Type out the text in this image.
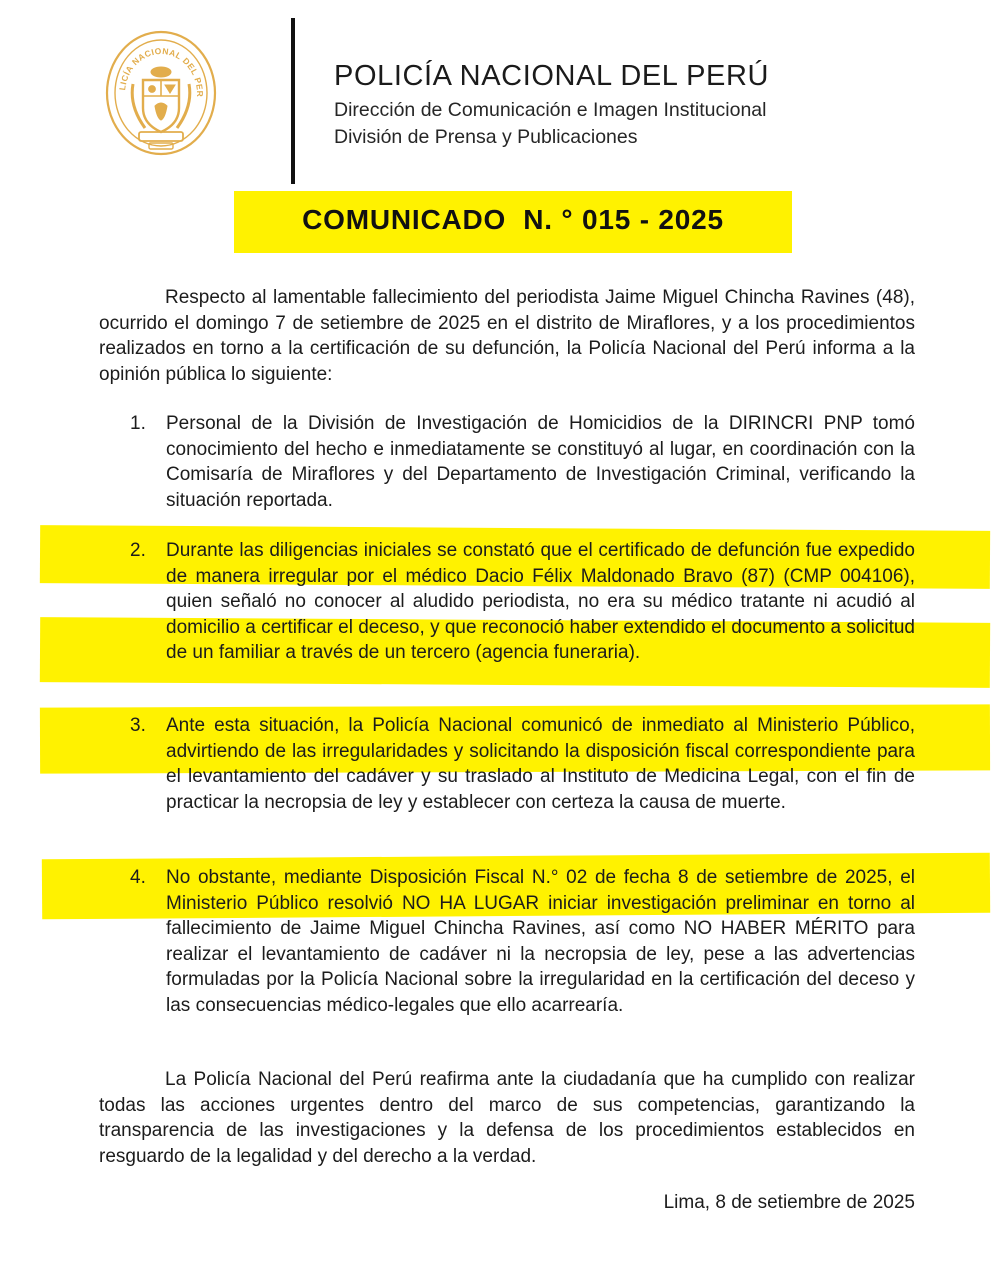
LICÍA NACIONAL DEL PER
POLICÍA NACIONAL DEL PERÚ
Dirección de Comunicación e Imagen Institucional
División de Prensa y Publicaciones
COMUNICADO  N. ° 015 - 2025

Respecto al lamentable fallecimiento del periodista Jaime Miguel Chincha Ravines (48), ocurrido el domingo 7 de setiembre de 2025 en el distrito de Miraflores, y a los procedimientos realizados en torno a la certificación de su defunción, la Policía Nacional del Perú informa a la opinión pública lo siguiente:

1. Personal de la División de Investigación de Homicidios de la DIRINCRI PNP tomó conocimiento del hecho e inmediatamente se constituyó al lugar, en coordinación con la Comisaría de Miraflores y del Departamento de Investigación Criminal, verificando la situación reportada.

2. Durante las diligencias iniciales se constató que el certificado de defunción fue expedido de manera irregular por el médico Dacio Félix Maldonado Bravo (87) (CMP 004106), quien señaló no conocer al aludido periodista, no era su médico tratante ni acudió al domicilio a certificar el deceso, y que reconoció haber extendido el documento a solicitud de un familiar a través de un tercero (agencia funeraria).

3. Ante esta situación, la Policía Nacional comunicó de inmediato al Ministerio Público, advirtiendo de las irregularidades y solicitando la disposición fiscal correspondiente para el levantamiento del cadáver y su traslado al Instituto de Medicina Legal, con el fin de practicar la necropsia de ley y establecer con certeza la causa de muerte.

4. No obstante, mediante Disposición Fiscal N.° 02 de fecha 8 de setiembre de 2025, el Ministerio Público resolvió NO HA LUGAR iniciar investigación preliminar en torno al fallecimiento de Jaime Miguel Chincha Ravines, así como NO HABER MÉRITO para realizar el levantamiento de cadáver ni la necropsia de ley, pese a las advertencias formuladas por la Policía Nacional sobre la irregularidad en la certificación del deceso y las consecuencias médico-legales que ello acarrearía.

La Policía Nacional del Perú reafirma ante la ciudadanía que ha cumplido con realizar todas las acciones urgentes dentro del marco de sus competencias, garantizando la transparencia de las investigaciones y la defensa de los procedimientos establecidos en resguardo de la legalidad y del derecho a la verdad.

Lima, 8 de setiembre de 2025
